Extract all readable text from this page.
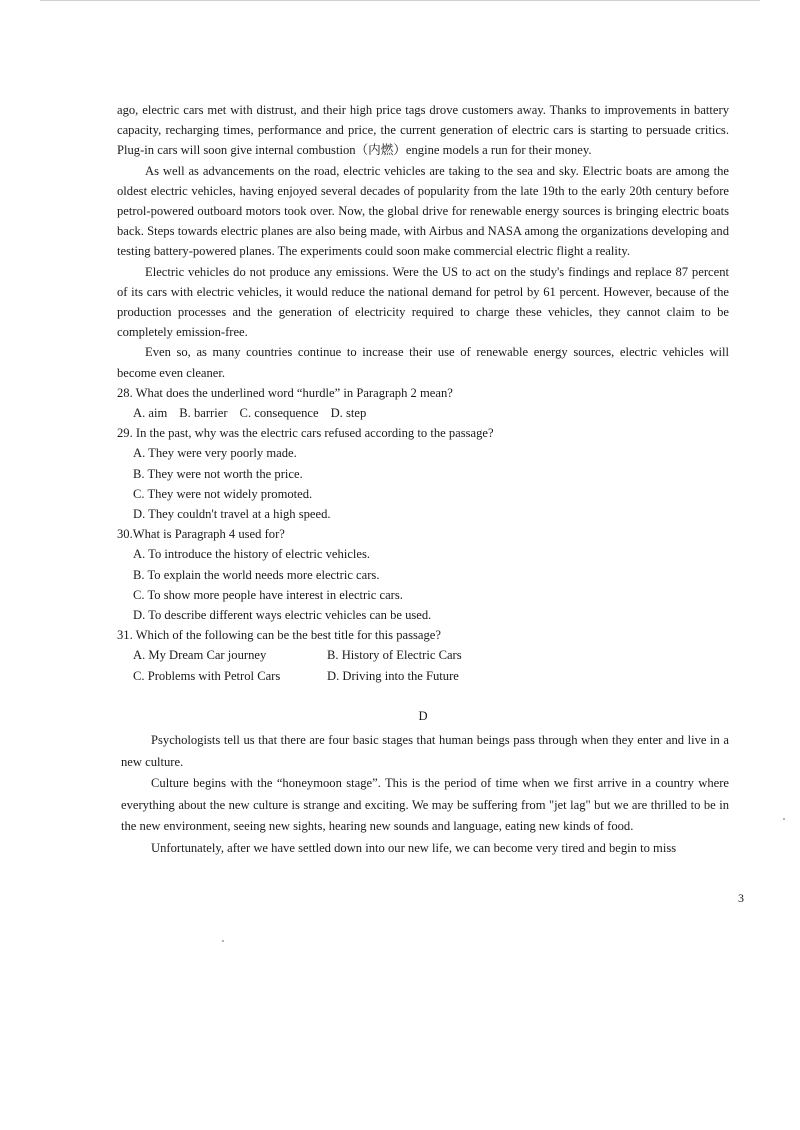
ago, electric cars met with distrust, and their high price tags drove customers away. Thanks to improvements in battery capacity, recharging times, performance and price, the current generation of electric cars is starting to persuade critics. Plug-in cars will soon give internal combustion（内燃）engine models a run for their money.

As well as advancements on the road, electric vehicles are taking to the sea and sky. Electric boats are among the oldest electric vehicles, having enjoyed several decades of popularity from the late 19th to the early 20th century before petrol-powered outboard motors took over. Now, the global drive for renewable energy sources is bringing electric boats back. Steps towards electric planes are also being made, with Airbus and NASA among the organizations developing and testing battery-powered planes. The experiments could soon make commercial electric flight a reality.

Electric vehicles do not produce any emissions. Were the US to act on the study's findings and replace 87 percent of its cars with electric vehicles, it would reduce the national demand for petrol by 61 percent. However, because of the production processes and the generation of electricity required to charge these vehicles, they cannot claim to be completely emission-free.

Even so, as many countries continue to increase their use of renewable energy sources, electric vehicles will become even cleaner.

28. What does the underlined word “hurdle” in Paragraph 2 mean?
A. aim B. barrier C. consequence D. step
29. In the past, why was the electric cars refused according to the passage?
A. They were very poorly made.
B. They were not worth the price.
C. They were not widely promoted.
D. They couldn't travel at a high speed.
30.What is Paragraph 4 used for?
A. To introduce the history of electric vehicles.
B. To explain the world needs more electric cars.
C. To show more people have interest in electric cars.
D. To describe different ways electric vehicles can be used.
31. Which of the following can be the best title for this passage?
A. My Dream Car journey	B. History of Electric Cars
C. Problems with Petrol Cars	D. Driving into the Future
D

Psychologists tell us that there are four basic stages that human beings pass through when they enter and live in a new culture.

Culture begins with the “honeymoon stage”. This is the period of time when we first arrive in a country where everything about the new culture is strange and exciting. We may be suffering from "jet lag" but we are thrilled to be in the new environment, seeing new sights, hearing new sounds and language, eating new kinds of food.

Unfortunately, after we have settled down into our new life, we can become very tired and begin to miss

3
